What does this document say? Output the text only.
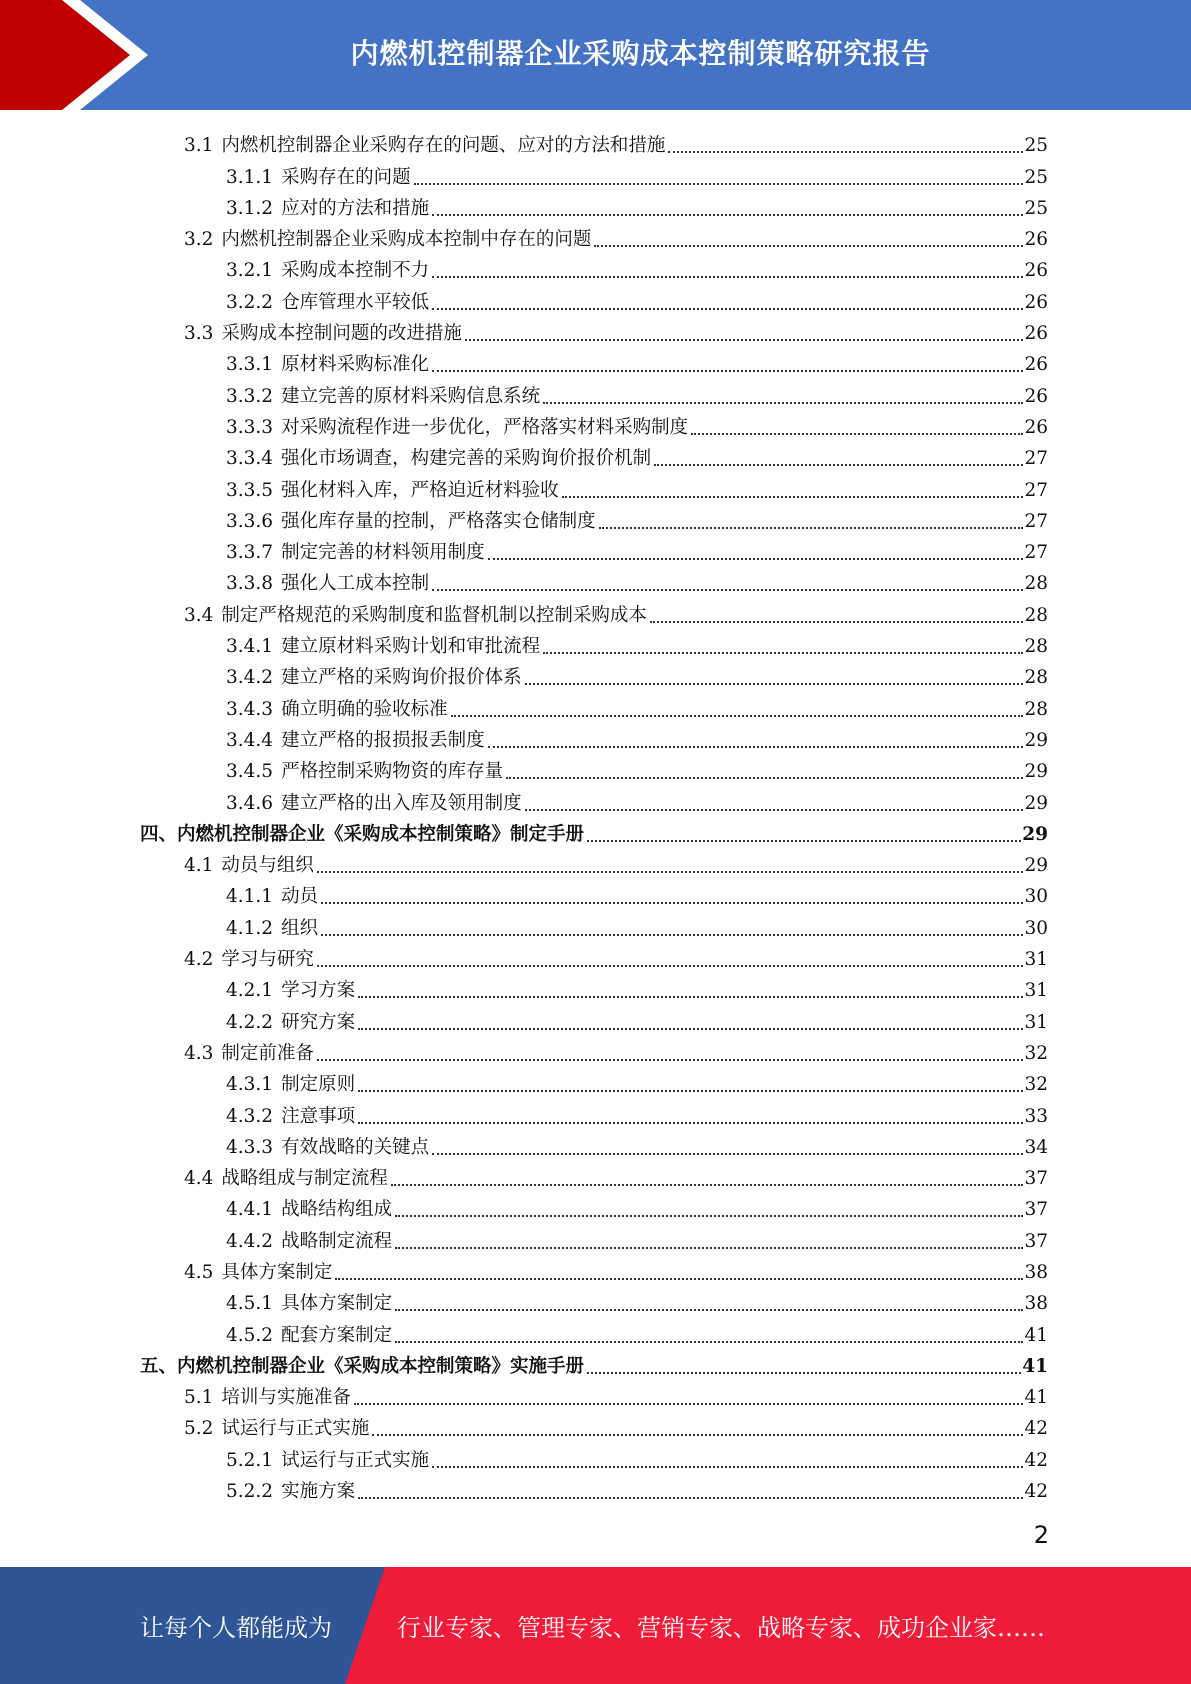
内燃机控制器企业采购成本控制策略研究报告
3.1 内燃机控制器企业采购存在的问题、应对的方法和措施	25
3.1.1 采购存在的问题	25
3.1.2 应对的方法和措施	25
3.2 内燃机控制器企业采购成本控制中存在的问题	26
3.2.1 采购成本控制不力	26
3.2.2 仓库管理水平较低	26
3.3 采购成本控制问题的改进措施	26
3.3.1 原材料采购标准化	26
3.3.2 建立完善的原材料采购信息系统	26
3.3.3 对采购流程作进一步优化，严格落实材料采购制度	26
3.3.4 强化市场调查，构建完善的采购询价报价机制	27
3.3.5 强化材料入库，严格迫近材料验收	27
3.3.6 强化库存量的控制，严格落实仓储制度	27
3.3.7 制定完善的材料领用制度	27
3.3.8 强化人工成本控制	28
3.4 制定严格规范的采购制度和监督机制以控制采购成本	28
3.4.1 建立原材料采购计划和审批流程	28
3.4.2 建立严格的采购询价报价体系	28
3.4.3 确立明确的验收标准	28
3.4.4 建立严格的报损报丢制度	29
3.4.5 严格控制采购物资的库存量	29
3.4.6 建立严格的出入库及领用制度	29
四、内燃机控制器企业《采购成本控制策略》制定手册	29
4.1 动员与组织	29
4.1.1 动员	30
4.1.2 组织	30
4.2 学习与研究	31
4.2.1 学习方案	31
4.2.2 研究方案	31
4.3 制定前准备	32
4.3.1 制定原则	32
4.3.2 注意事项	33
4.3.3 有效战略的关键点	34
4.4 战略组成与制定流程	37
4.4.1 战略结构组成	37
4.4.2 战略制定流程	37
4.5 具体方案制定	38
4.5.1 具体方案制定	38
4.5.2 配套方案制定	41
五、内燃机控制器企业《采购成本控制策略》实施手册	41
5.1 培训与实施准备	41
5.2 试运行与正式实施	42
5.2.1 试运行与正式实施	42
5.2.2 实施方案	42
2
让每个人都能成为	行业专家、管理专家、营销专家、战略专家、成功企业家……
